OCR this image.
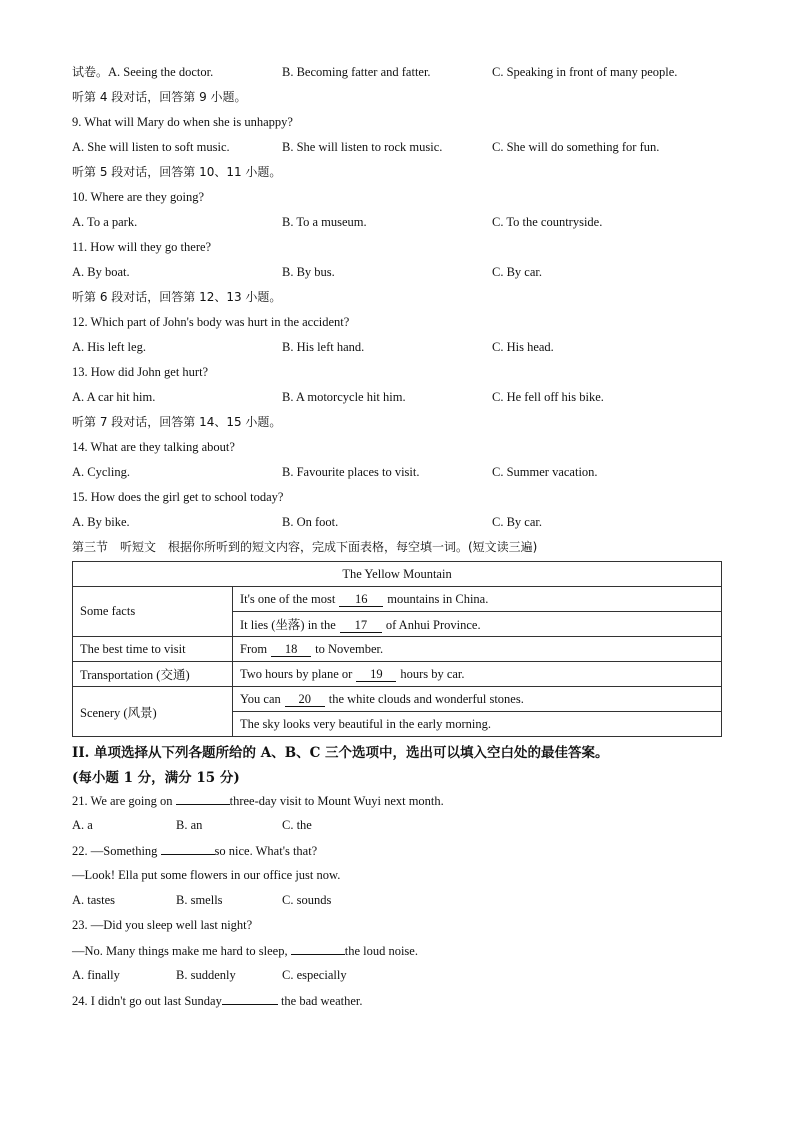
试卷。A. Seeing the doctor.	B. Becoming fatter and fatter.	C. Speaking in front of many people.
听第 4 段对话，回答第 9 小题。
9. What will Mary do when she is unhappy?
A. She will listen to soft music.	B. She will listen to rock music.	C. She will do something for fun.
听第 5 段对话，回答第 10、11 小题。
10. Where are they going?
A. To a park.	B. To a museum.	C. To the countryside.
11. How will they go there?
A. By boat.	B. By bus.	C. By car.
听第 6 段对话，回答第 12、13 小题。
12. Which part of John's body was hurt in the accident?
A. His left leg.	B. His left hand.	C. His head.
13. How did John get hurt?
A. A car hit him.	B. A motorcycle hit him.	C. He fell off his bike.
听第 7 段对话，回答第 14、15 小题。
14. What are they talking about?
A. Cycling.	B. Favourite places to visit.	C. Summer vacation.
15. How does the girl get to school today?
A. By bike.	B. On foot.	C. By car.
第三节　听短文　根据你所听到的短文内容，完成下面表格，每空填一词。(短文读三遍)
The Yellow Mountain	
Some facts	It's one of the most 16 mountains in China.
	It lies (坐落) in the 17 of Anhui Province.
The best time to visit	From 18 to November.
Transportation (交通)	Two hours by plane or 19 hours by car.
Scenery (风景)	You can 20 the white clouds and wonderful stones.
	The sky looks very beautiful in the early morning.
II. 单项选择从下列各题所给的 A、B、C 三个选项中，选出可以填入空白处的最佳答案。
(每小题 1 分，满分 15 分)
21. We are going on	three-day visit to Mount Wuyi next month.
A. a	B. an	C. the
22. —Something	so nice. What's that?
—Look! Ella put some flowers in our office just now.
A. tastes	B. smells	C. sounds
23. —Did you sleep well last night?
—No. Many things make me hard to sleep,	the loud noise.
A. finally	B. suddenly	C. especially
24. I didn't go out last Sunday	the bad weather.
